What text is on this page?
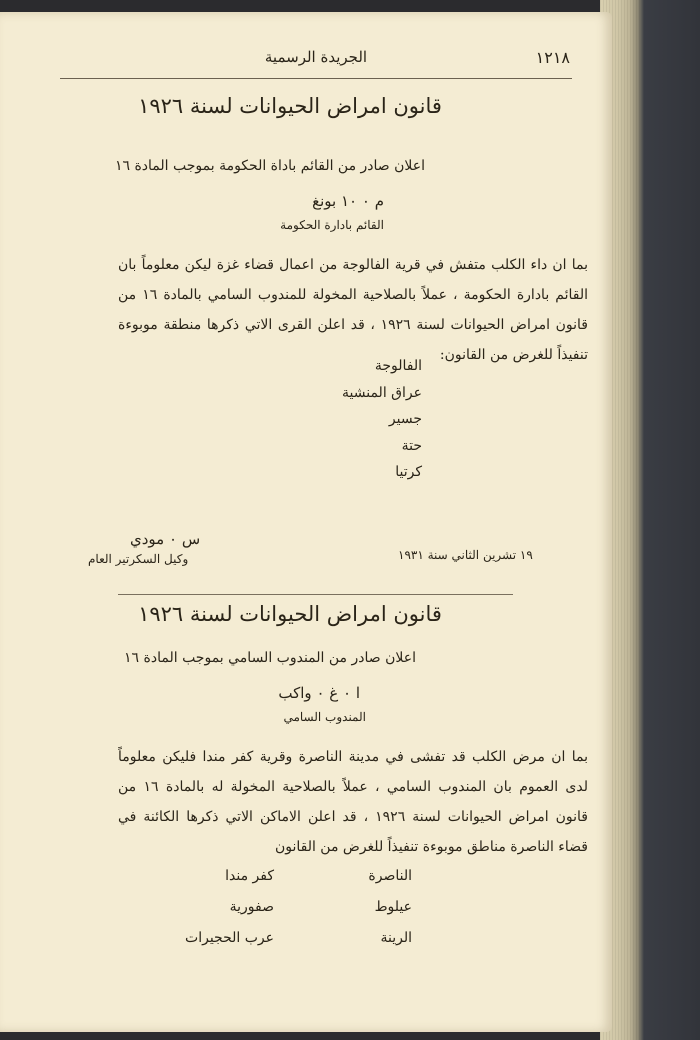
١٢١٨
الجريدة الرسمية
قانون امراض الحيوانات لسنة ١٩٢٦
اعلان صادر من القائم باداة الحكومة بموجب المادة ١٦
م ٠ ١٠ بونغ
القائم بادارة الحكومة

بما ان داء الكلب متفش في قرية الفالوجة من اعمال قضاء غزة ليكن معلوماً بان القائم بادارة الحكومة ، عملاً بالصلاحية المخولة للمندوب السامي بالمادة ١٦ من قانون امراض الحيوانات لسنة ١٩٢٦ ، قد اعلن القرى الاتي ذكرها منطقة موبوءة تنفيذاً للغرض من القانون:

الفالوجة
عراق المنشية
جسير
حتة
كرتيا
١٩ تشرين الثاني سنة ١٩٣١
س ٠ مودي
وكيل السكرتير العام
قانون امراض الحيوانات لسنة ١٩٢٦
اعلان صادر من المندوب السامي بموجب المادة ١٦
ا ٠ غ ٠ واكب
المندوب السامي

بما ان مرض الكلب قد تفشى في مدينة الناصرة وقرية كفر مندا فليكن معلوماً لدى العموم بان المندوب السامي ، عملاً بالصلاحية المخولة له بالمادة ١٦ من قانون امراض الحيوانات لسنة ١٩٢٦ ، قد اعلن الاماكن الاتي ذكرها الكائنة في قضاء الناصرة مناطق موبوءة تنفيذاً للغرض من القانون

الناصرة
عيلوط
الرينة
كفر مندا
صفورية
عرب الحجيرات
